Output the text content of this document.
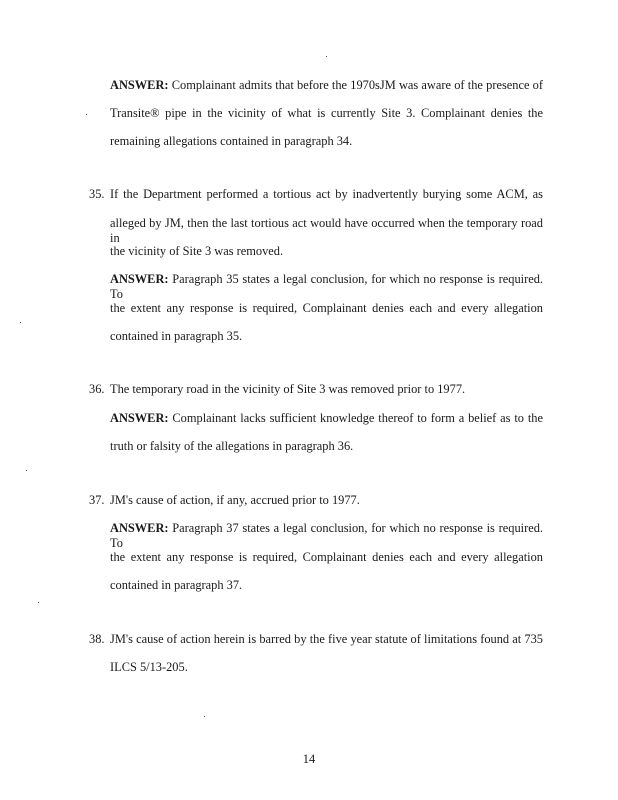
ANSWER: Complainant admits that before the 1970sJM was aware of the presence of
Transite® pipe in the vicinity of what is currently Site 3. Complainant denies the
remaining allegations contained in paragraph 34.
35. If the Department performed a tortious act by inadvertently burying some ACM, as
alleged by JM, then the last tortious act would have occurred when the temporary road in
the vicinity of Site 3 was removed.
ANSWER: Paragraph 35 states a legal conclusion, for which no response is required. To
the extent any response is required, Complainant denies each and every allegation
contained in paragraph 35.
36. The temporary road in the vicinity of Site 3 was removed prior to 1977.
ANSWER: Complainant lacks sufficient knowledge thereof to form a belief as to the
truth or falsity of the allegations in paragraph 36.
37. JM's cause of action, if any, accrued prior to 1977.
ANSWER: Paragraph 37 states a legal conclusion, for which no response is required. To
the extent any response is required, Complainant denies each and every allegation
contained in paragraph 37.
38. JM's cause of action herein is barred by the five year statute of limitations found at 735
ILCS 5/13-205.
14
